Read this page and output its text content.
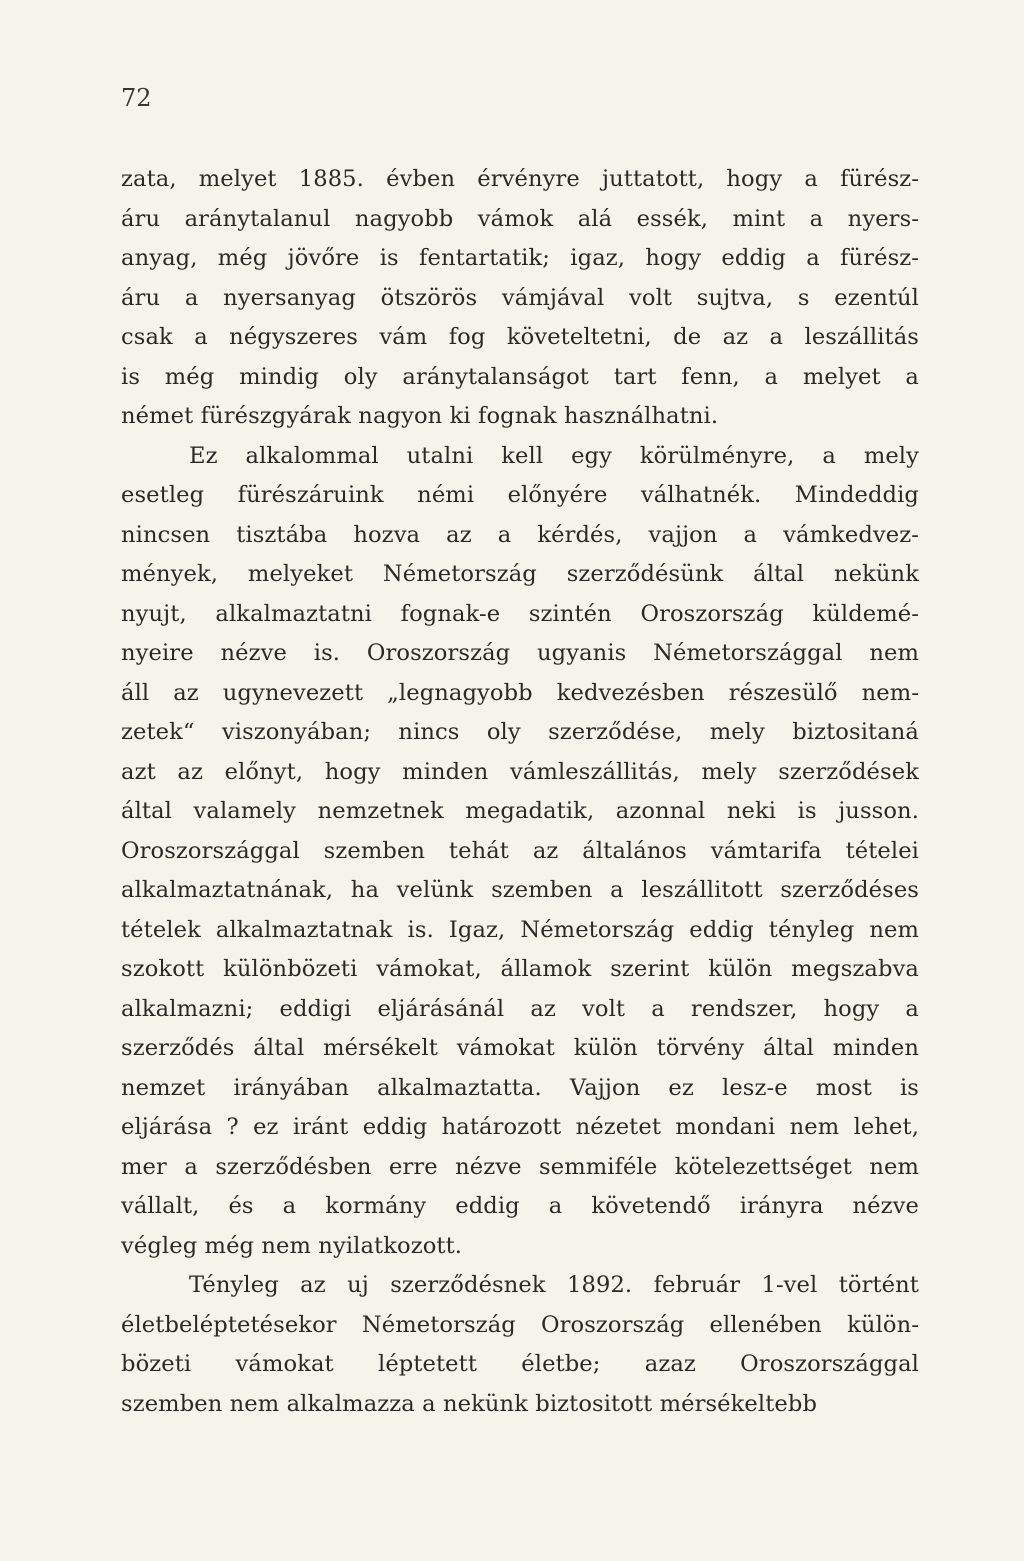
72
zata, melyet 1885. évben érvényre juttatott, hogy a fürész-
áru aránytalanul nagyobb vámok alá essék, mint a nyers-
anyag, még jövőre is fentartatik; igaz, hogy eddig a fürész-
áru a nyersanyag ötszörös vámjával volt sujtva, s ezentúl
csak a négyszeres vám fog követeltetni, de az a leszállitás
is még mindig oly aránytalanságot tart fenn, a melyet a
német fürészgyárak nagyon ki fognak használhatni.
Ez alkalommal utalni kell egy körülményre, a mely
esetleg fürészáruink némi előnyére válhatnék. Mindeddig
nincsen tisztába hozva az a kérdés, vajjon a vámkedvez-
mények, melyeket Németország szerződésünk által nekünk
nyujt, alkalmaztatni fognak-e szintén Oroszország küldemé-
nyeire nézve is. Oroszország ugyanis Németországgal nem
áll az ugynevezett „legnagyobb kedvezésben részesülő nem-
zetek“ viszonyában; nincs oly szerződése, mely biztositaná
azt az előnyt, hogy minden vámleszállitás, mely szerződések
által valamely nemzetnek megadatik, azonnal neki is jusson.
Oroszországgal szemben tehát az általános vámtarifa tételei
alkalmaztatnának, ha velünk szemben a leszállitott szerződéses
tételek alkalmaztatnak is. Igaz, Németország eddig tényleg nem
szokott különbözeti vámokat, államok szerint külön megszabva
alkalmazni; eddigi eljárásánál az volt a rendszer, hogy a
szerződés által mérsékelt vámokat külön törvény által minden
nemzet irányában alkalmaztatta. Vajjon ez lesz-e most is
eljárása ? ez iránt eddig határozott nézetet mondani nem lehet,
mer a szerződésben erre nézve semmiféle kötelezettséget nem
vállalt, és a kormány eddig a követendő irányra nézve
végleg még nem nyilatkozott.
Tényleg az uj szerződésnek 1892. február 1-vel történt
életbeléptetésekor Németország Oroszország ellenében külön-
bözeti vámokat léptetett életbe; azaz Oroszországgal
szemben nem alkalmazza a nekünk biztositott mérsékeltebb
